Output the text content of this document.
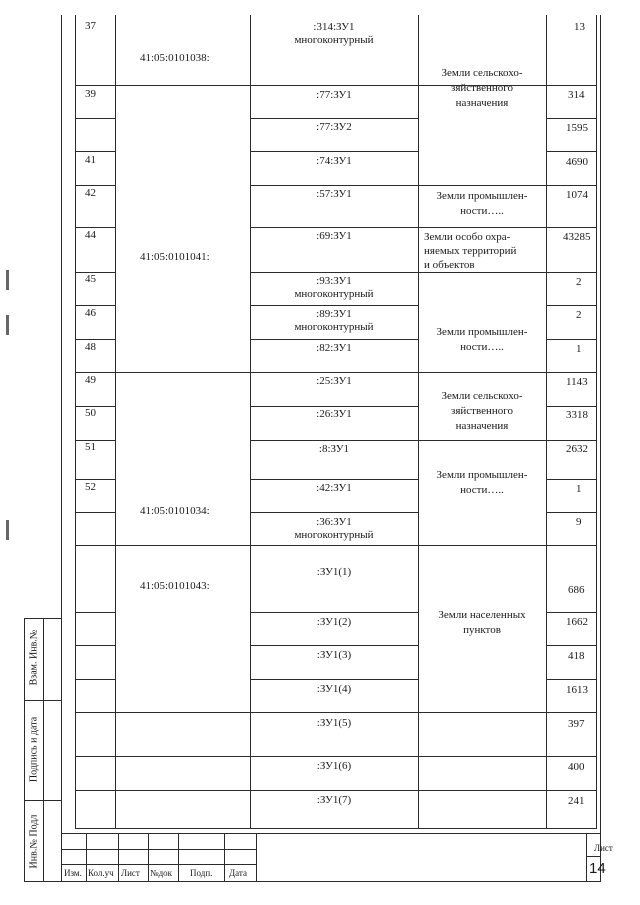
Взам. Инв.№
Подпись и дата
Инв.№ Подл
37
39
41
42
44
45
46
48
49
50
51
52
41:05:0101038:
41:05:0101041:
41:05:0101034:
41:05:0101043:
:314:ЗУ1
многоконтурный
:77:ЗУ1
:77:ЗУ2
:74:ЗУ1
:57:ЗУ1
:69:ЗУ1
:93:ЗУ1
многоконтурный
:89:ЗУ1
многоконтурный
:82:ЗУ1
:25:ЗУ1
:26:ЗУ1
:8:ЗУ1
:42:ЗУ1
:36:ЗУ1
многоконтурный
:ЗУ1(1)
:ЗУ1(2)
:ЗУ1(3)
:ЗУ1(4)
:ЗУ1(5)
:ЗУ1(6)
:ЗУ1(7)
Земли сельскохо-
зяйственного
назначения
Земли промышлен-
ности…..
Земли особо охра-
няемых территорий
и объектов
Земли промышлен-
ности…..
Земли сельскохо-
зяйственного
назначения
Земли промышлен-
ности…..
Земли населенных
пунктов
13
314
1595
4690
1074
43285
2
2
1
1143
3318
2632
1
9
686
1662
418
1613
397
400
241
Изм. Кол.уч Лист №док Подп. Дата
Лист
14
